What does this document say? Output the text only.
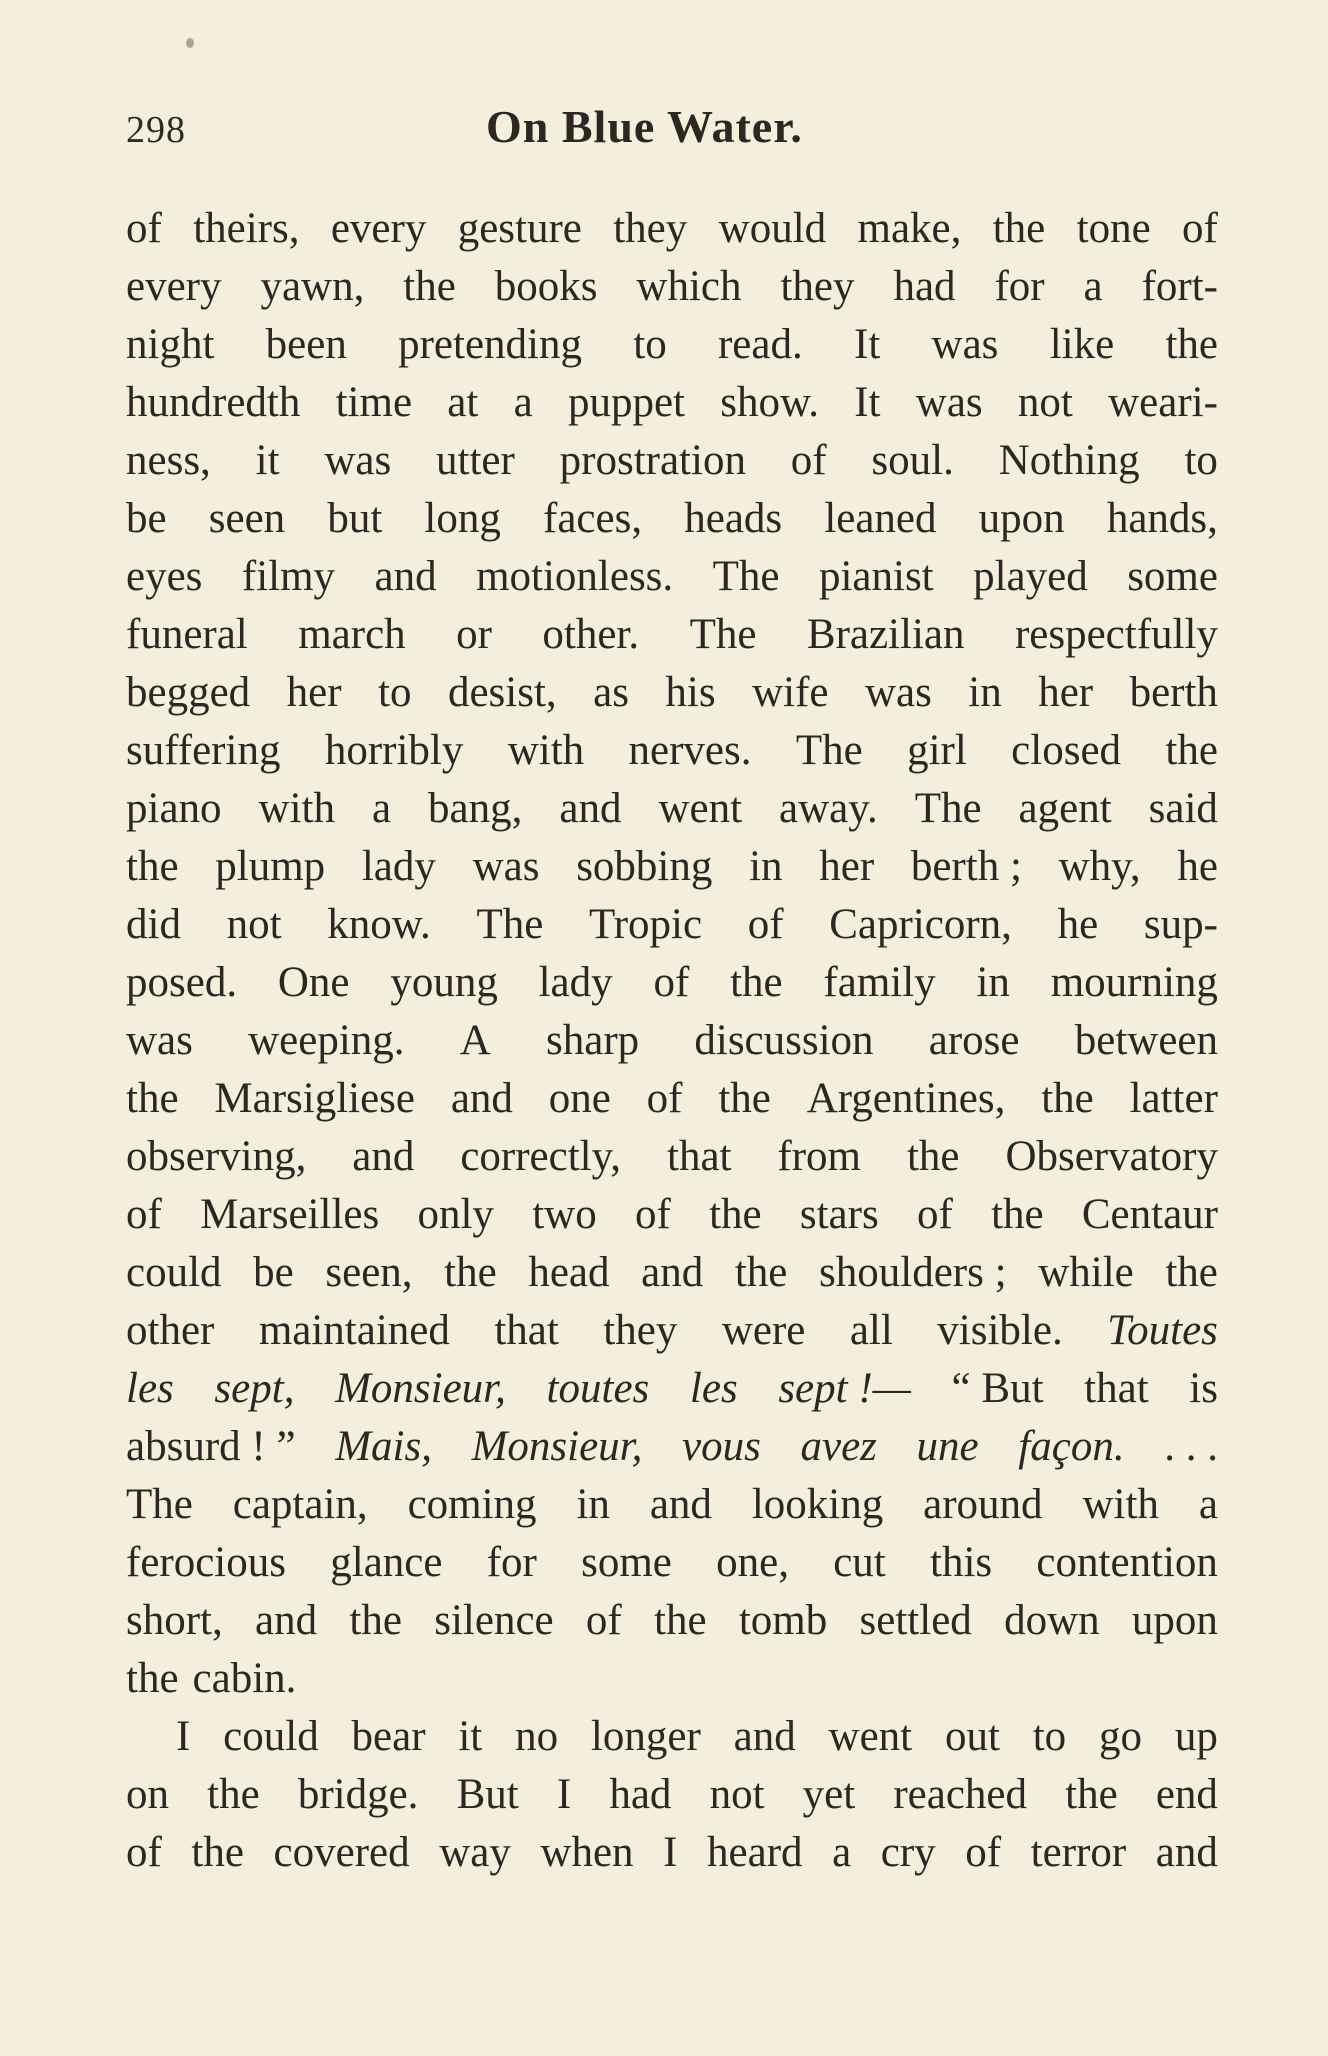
298	On Blue Water.
of theirs, every gesture they would make, the tone of
every yawn, the books which they had for a fort-
night been pretending to read. It was like the
hundredth time at a puppet show. It was not weari-
ness, it was utter prostration of soul. Nothing to
be seen but long faces, heads leaned upon hands,
eyes filmy and motionless. The pianist played some
funeral march or other. The Brazilian respectfully
begged her to desist, as his wife was in her berth
suffering horribly with nerves. The girl closed the
piano with a bang, and went away. The agent said
the plump lady was sobbing in her berth ; why, he
did not know. The Tropic of Capricorn, he sup-
posed. One young lady of the family in mourning
was weeping. A sharp discussion arose between
the Marsigliese and one of the Argentines, the latter
observing, and correctly, that from the Observatory
of Marseilles only two of the stars of the Centaur
could be seen, the head and the shoulders ; while the
other maintained that they were all visible. Toutes
les sept, Monsieur, toutes les sept !— “ But that is
absurd ! ” Mais, Monsieur, vous avez une façon. . . .
The captain, coming in and looking around with a
ferocious glance for some one, cut this contention
short, and the silence of the tomb settled down upon
the cabin.
I could bear it no longer and went out to go up
on the bridge. But I had not yet reached the end
of the covered way when I heard a cry of terror and
